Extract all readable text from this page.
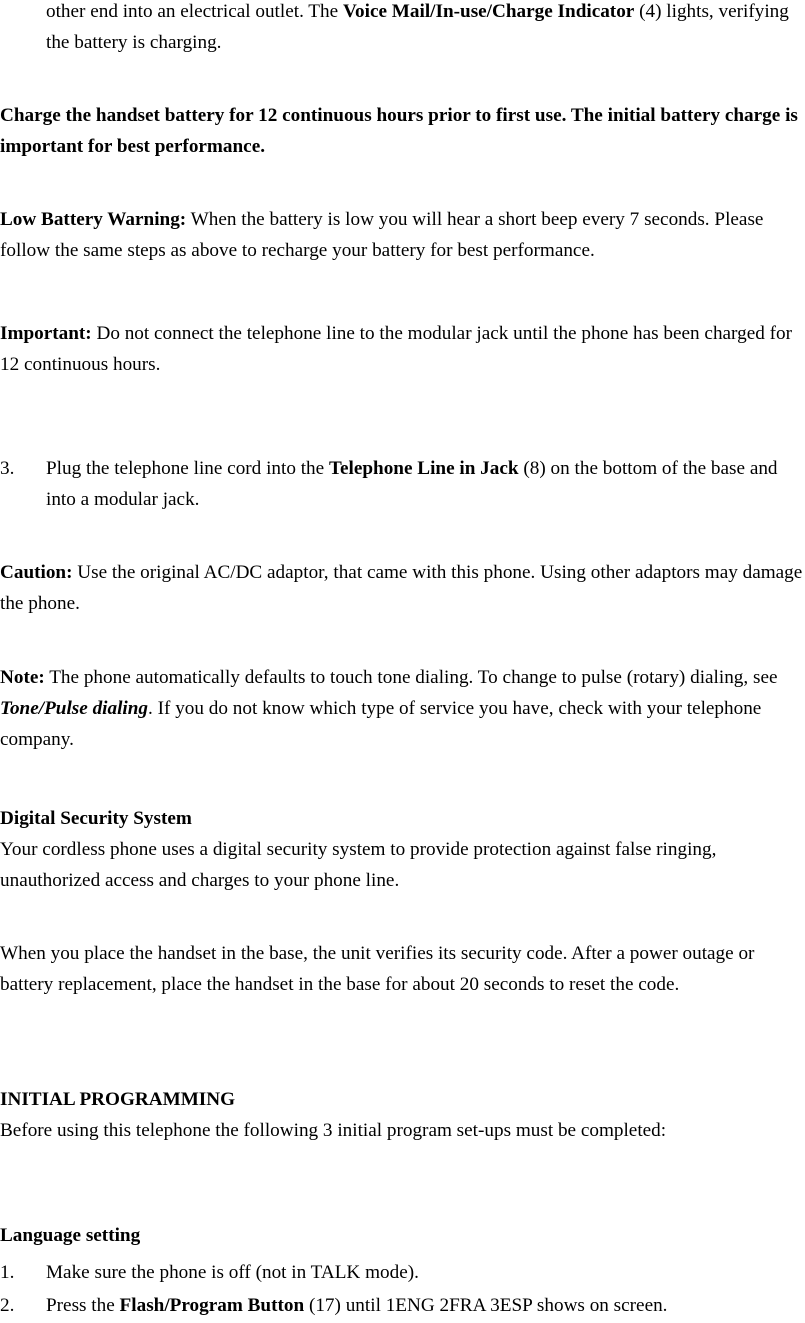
other end into an electrical outlet. The Voice Mail/In-use/Charge Indicator (4) lights, verifying the battery is charging.

Charge the handset battery for 12 continuous hours prior to first use. The initial battery charge is important for best performance.

Low Battery Warning: When the battery is low you will hear a short beep every 7 seconds. Please follow the same steps as above to recharge your battery for best performance.

Important: Do not connect the telephone line to the modular jack until the phone has been charged for 12 continuous hours.

3. Plug the telephone line cord into the Telephone Line in Jack (8) on the bottom of the base and into a modular jack.

Caution: Use the original AC/DC adaptor, that came with this phone. Using other adaptors may damage the phone.

Note: The phone automatically defaults to touch tone dialing. To change to pulse (rotary) dialing, see Tone/Pulse dialing. If you do not know which type of service you have, check with your telephone company.

Digital Security System

Your cordless phone uses a digital security system to provide protection against false ringing, unauthorized access and charges to your phone line.

When you place the handset in the base, the unit verifies its security code. After a power outage or battery replacement, place the handset in the base for about 20 seconds to reset the code.

INITIAL PROGRAMMING

Before using this telephone the following 3 initial program set-ups must be completed:

Language setting

1. Make sure the phone is off (not in TALK mode).
2. Press the Flash/Program Button (17) until 1ENG 2FRA 3ESP shows on screen.
